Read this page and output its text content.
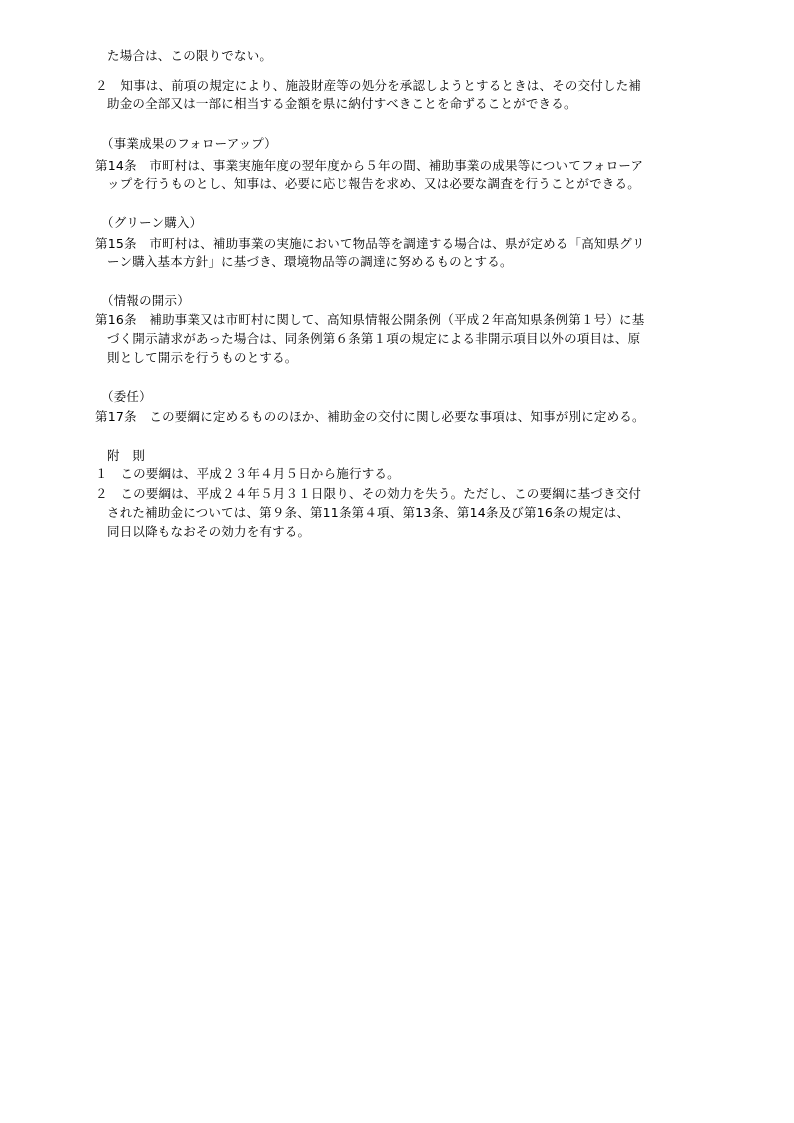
た場合は、この限りでない。
２　知事は、前項の規定により、施設財産等の処分を承認しようとするときは、その交付した補
助金の全部又は一部に相当する金額を県に納付すべきことを命ずることができる。
（事業成果のフォローアップ）
第14条　市町村は、事業実施年度の翌年度から５年の間、補助事業の成果等についてフォローア
ップを行うものとし、知事は、必要に応じ報告を求め、又は必要な調査を行うことができる。
（グリーン購入）
第15条　市町村は、補助事業の実施において物品等を調達する場合は、県が定める「高知県グリ
ーン購入基本方針」に基づき、環境物品等の調達に努めるものとする。
（情報の開示）
第16条　補助事業又は市町村に関して、高知県情報公開条例（平成２年高知県条例第１号）に基
づく開示請求があった場合は、同条例第６条第１項の規定による非開示項目以外の項目は、原
則として開示を行うものとする。
（委任）
第17条　この要綱に定めるもののほか、補助金の交付に関し必要な事項は、知事が別に定める。
附　則
１　この要綱は、平成２３年４月５日から施行する。
２　この要綱は、平成２４年５月３１日限り、その効力を失う。ただし、この要綱に基づき交付
された補助金については、第９条、第11条第４項、第13条、第14条及び第16条の規定は、
同日以降もなおその効力を有する。
